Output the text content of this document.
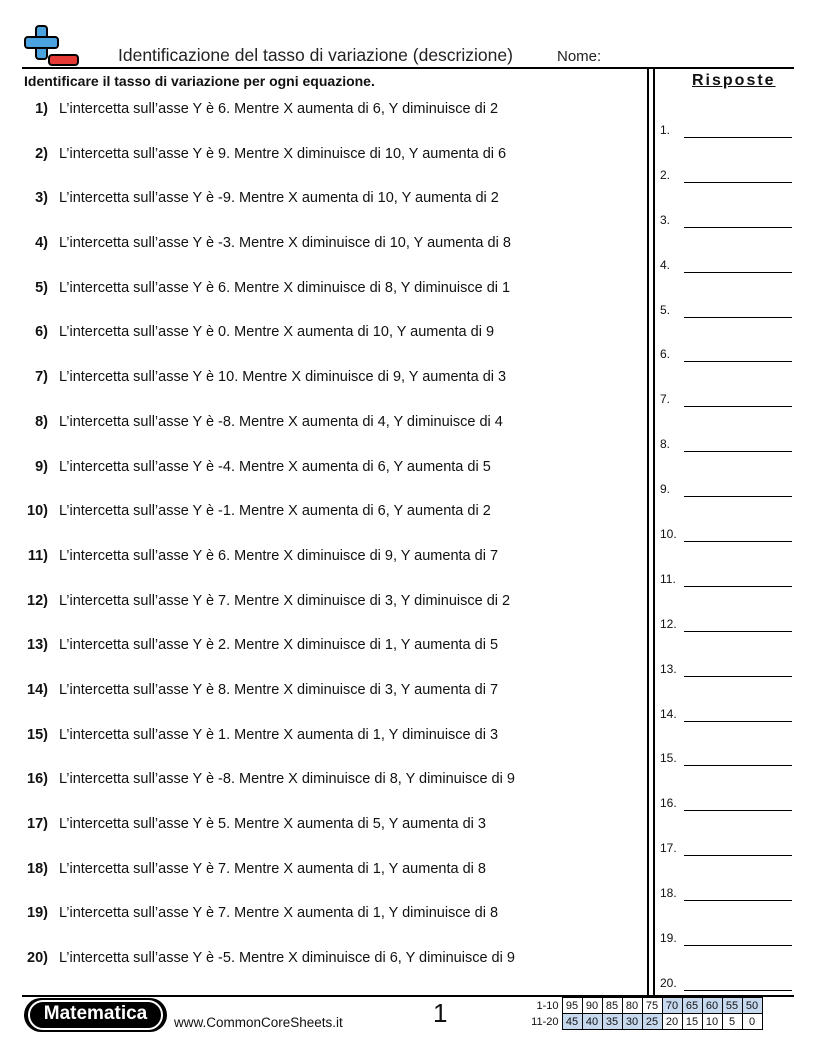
Identificazione del tasso di variazione (descrizione)	Nome:
Identificare il tasso di variazione per ogni equazione.
1) L’intercetta sull’asse Y è 6. Mentre X aumenta di 6, Y diminuisce di 2
2) L’intercetta sull’asse Y è 9. Mentre X diminuisce di 10, Y aumenta di 6
3) L’intercetta sull’asse Y è -9. Mentre X aumenta di 10, Y aumenta di 2
4) L’intercetta sull’asse Y è -3. Mentre X diminuisce di 10, Y aumenta di 8
5) L’intercetta sull’asse Y è 6. Mentre X diminuisce di 8, Y diminuisce di 1
6) L’intercetta sull’asse Y è 0. Mentre X aumenta di 10, Y aumenta di 9
7) L’intercetta sull’asse Y è 10. Mentre X diminuisce di 9, Y aumenta di 3
8) L’intercetta sull’asse Y è -8. Mentre X aumenta di 4, Y diminuisce di 4
9) L’intercetta sull’asse Y è -4. Mentre X aumenta di 6, Y aumenta di 5
10) L’intercetta sull’asse Y è -1. Mentre X aumenta di 6, Y aumenta di 2
11) L’intercetta sull’asse Y è 6. Mentre X diminuisce di 9, Y aumenta di 7
12) L’intercetta sull’asse Y è 7. Mentre X diminuisce di 3, Y diminuisce di 2
13) L’intercetta sull’asse Y è 2. Mentre X diminuisce di 1, Y aumenta di 5
14) L’intercetta sull’asse Y è 8. Mentre X diminuisce di 3, Y aumenta di 7
15) L’intercetta sull’asse Y è 1. Mentre X aumenta di 1, Y diminuisce di 3
16) L’intercetta sull’asse Y è -8. Mentre X diminuisce di 8, Y diminuisce di 9
17) L’intercetta sull’asse Y è 5. Mentre X aumenta di 5, Y aumenta di 3
18) L’intercetta sull’asse Y è 7. Mentre X aumenta di 1, Y aumenta di 8
19) L’intercetta sull’asse Y è 7. Mentre X aumenta di 1, Y diminuisce di 8
20) L’intercetta sull’asse Y è -5. Mentre X diminuisce di 6, Y diminuisce di 9
Risposte
1.
2.
3.
4.
5.
6.
7.
8.
9.
10.
11.
12.
13.
14.
15.
16.
17.
18.
19.
20.
Matematica	www.CommonCoreSheets.it	1	1-10	95	90	85	80	75	70	65	60	55	50
11-20	45	40	35	30	25	20	15	10	5	0
